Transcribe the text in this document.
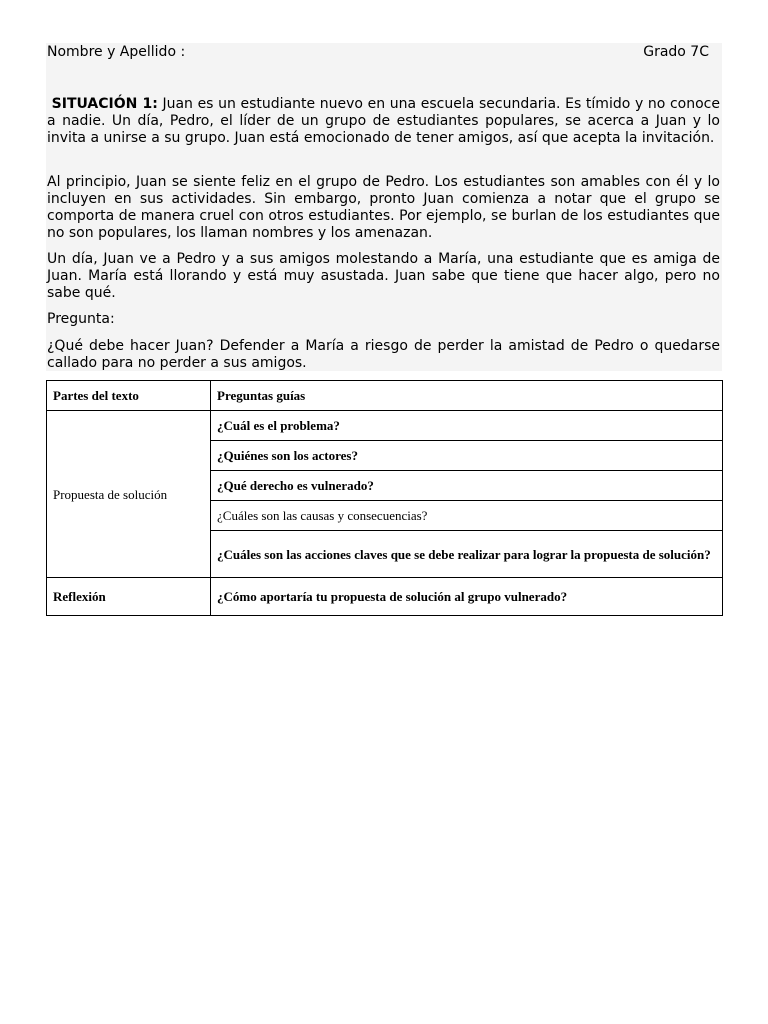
Nombre y Apellido :	Grado 7C
SITUACIÓN 1: Juan es un estudiante nuevo en una escuela secundaria. Es tímido y no conoce a nadie. Un día, Pedro, el líder de un grupo de estudiantes populares, se acerca a Juan y lo invita a unirse a su grupo. Juan está emocionado de tener amigos, así que acepta la invitación.
Al principio, Juan se siente feliz en el grupo de Pedro. Los estudiantes son amables con él y lo incluyen en sus actividades. Sin embargo, pronto Juan comienza a notar que el grupo se comporta de manera cruel con otros estudiantes. Por ejemplo, se burlan de los estudiantes que no son populares, los llaman nombres y los amenazan.
Un día, Juan ve a Pedro y a sus amigos molestando a María, una estudiante que es amiga de Juan. María está llorando y está muy asustada. Juan sabe que tiene que hacer algo, pero no sabe qué.
Pregunta:
¿Qué debe hacer Juan? Defender a María a riesgo de perder la amistad de Pedro o quedarse callado para no perder a sus amigos.
Partes del texto	Preguntas guías
Propuesta de solución	¿Cuál es el problema?
	¿Quiénes son los actores?
	¿Qué derecho es vulnerado?
	¿Cuáles son las causas y consecuencias?
	¿Cuáles son las acciones claves que se debe realizar para lograr la propuesta de solución?
Reflexión	¿Cómo aportaría tu propuesta de solución al grupo vulnerado?
